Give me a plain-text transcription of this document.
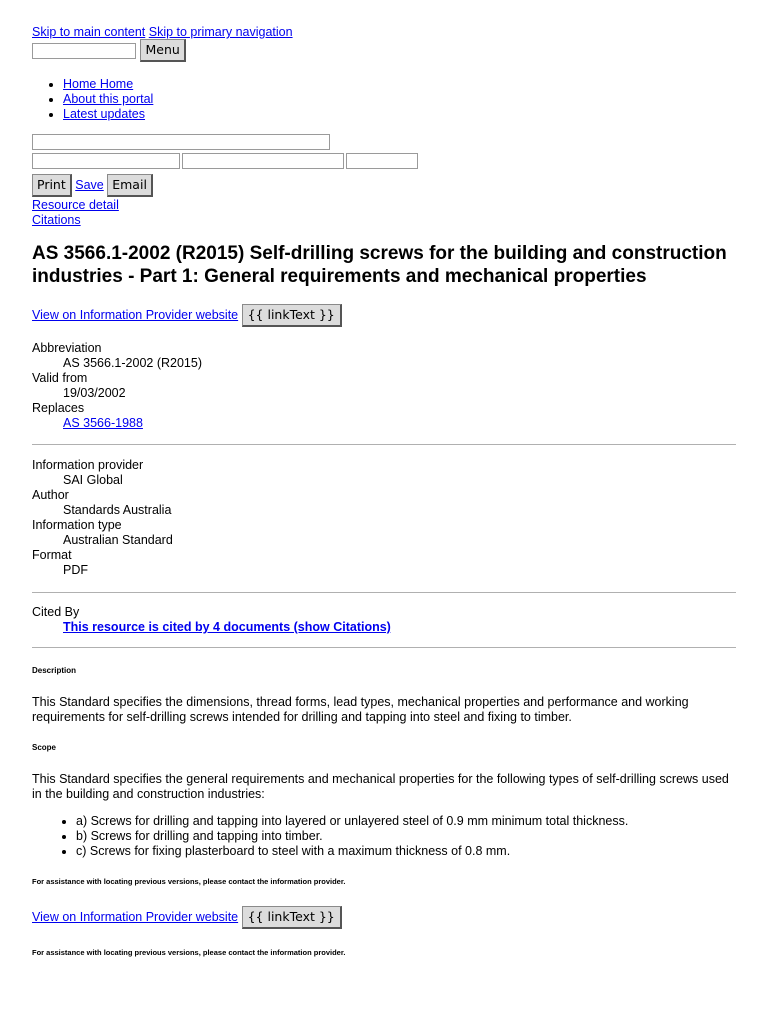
Skip to main content Skip to primary navigation
Menu
• Home Home
• About this portal
• Latest updates
Print Save Email
Resource detail
Citations
AS 3566.1-2002 (R2015) Self-drilling screws for the building and construction industries - Part 1: General requirements and mechanical properties
View on Information Provider website {{ linkText }}
Abbreviation
AS 3566.1-2002 (R2015)
Valid from
19/03/2002
Replaces
AS 3566-1988
Information provider
SAI Global
Author
Standards Australia
Information type
Australian Standard
Format
PDF
Cited By
This resource is cited by 4 documents (show Citations)
Description
This Standard specifies the dimensions, thread forms, lead types, mechanical properties and performance and working requirements for self-drilling screws intended for drilling and tapping into steel and fixing to timber.
Scope
This Standard specifies the general requirements and mechanical properties for the following types of self-drilling screws used in the building and construction industries:
• a) Screws for drilling and tapping into layered or unlayered steel of 0.9 mm minimum total thickness.
• b) Screws for drilling and tapping into timber.
• c) Screws for fixing plasterboard to steel with a maximum thickness of 0.8 mm.
For assistance with locating previous versions, please contact the information provider.
View on Information Provider website {{ linkText }}
For assistance with locating previous versions, please contact the information provider.
